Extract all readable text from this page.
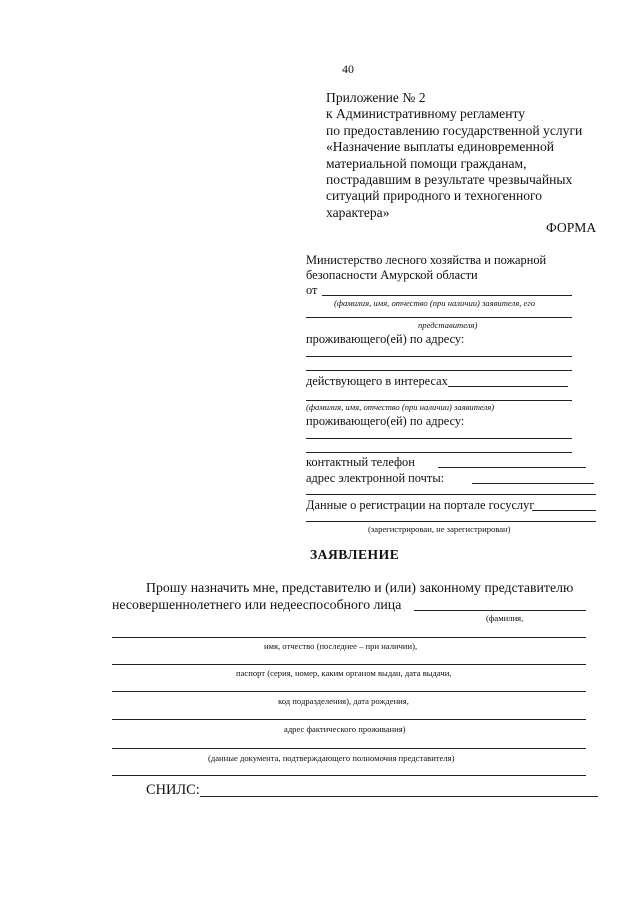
40
Приложение № 2
к Административному регламенту
по предоставлению государственной услуги
«Назначение выплаты единовременной
материальной помощи гражданам,
пострадавшим в результате чрезвычайных
ситуаций природного и техногенного
характера»
ФОРМА
Министерство лесного хозяйства и пожарной
безопасности Амурской области
от
(фамилия, имя, отчество (при наличии) заявителя, его
представителя)
проживающего(ей) по адресу:
действующего в интересах
(фамилия, имя, отчество (при наличии) заявителя)
проживающего(ей) по адресу:
контактный телефон
адрес электронной почты:
Данные о регистрации на портале госуслуг
(зарегистрирован, не зарегистрирован)
ЗАЯВЛЕНИЕ
Прошу назначить мне, представителю и (или) законному представителю
несовершеннолетнего или недееспособного лица
(фамилия,
имя, отчество (последнее – при наличии),
паспорт (серия, номер, каким органом выдан, дата выдачи,
код подразделения), дата рождения,
адрес фактического проживания)
(данные документа, подтверждающего полномочия представителя)
СНИЛС:
